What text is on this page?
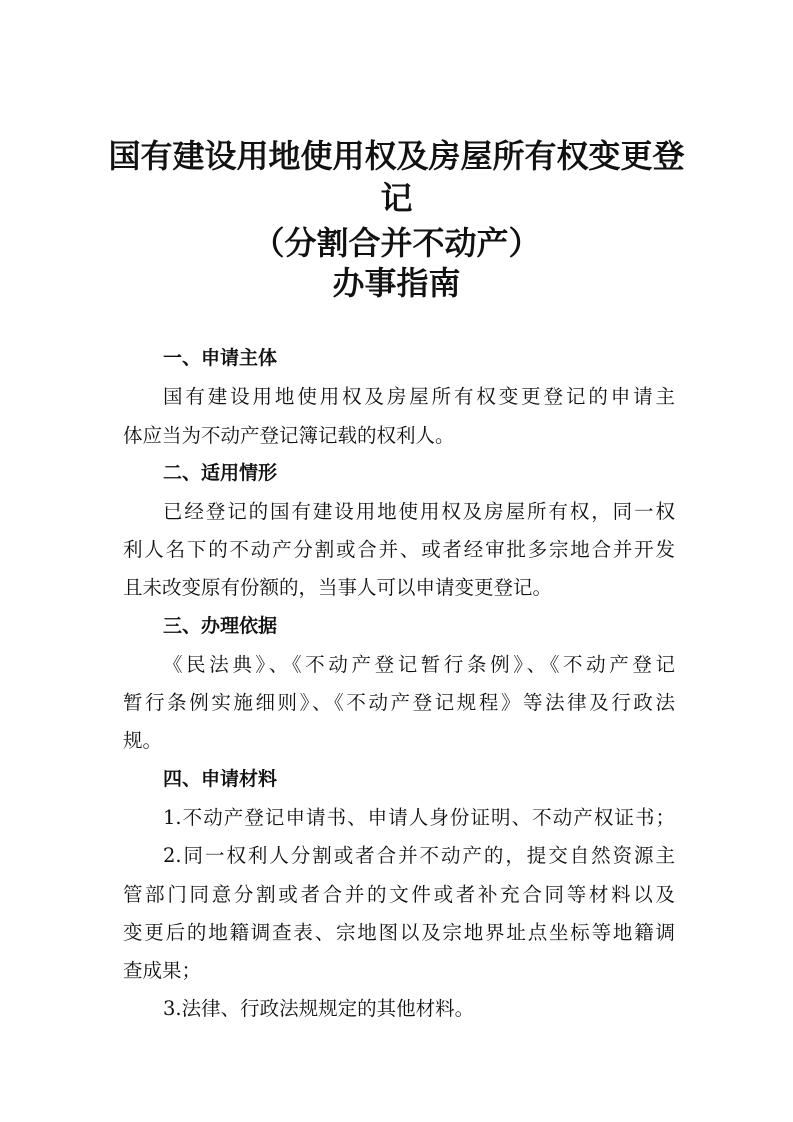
国有建设用地使用权及房屋所有权变更登
记
（分割合并不动产）
办事指南
一、申请主体

国有建设用地使用权及房屋所有权变更登记的申请主

体应当为不动产登记簿记载的权利人。

二、适用情形

已经登记的国有建设用地使用权及房屋所有权，同一权

利人名下的不动产分割或合并、或者经审批多宗地合并开发

且未改变原有份额的，当事人可以申请变更登记。

三、办理依据

《民法典》、《不动产登记暂行条例》、《不动产登记

暂行条例实施细则》、《不动产登记规程》等法律及行政法

规。

四、申请材料

1.不动产登记申请书、申请人身份证明、不动产权证书；

2.同一权利人分割或者合并不动产的，提交自然资源主

管部门同意分割或者合并的文件或者补充合同等材料以及

变更后的地籍调查表、宗地图以及宗地界址点坐标等地籍调

查成果；

3.法律、行政法规规定的其他材料。
